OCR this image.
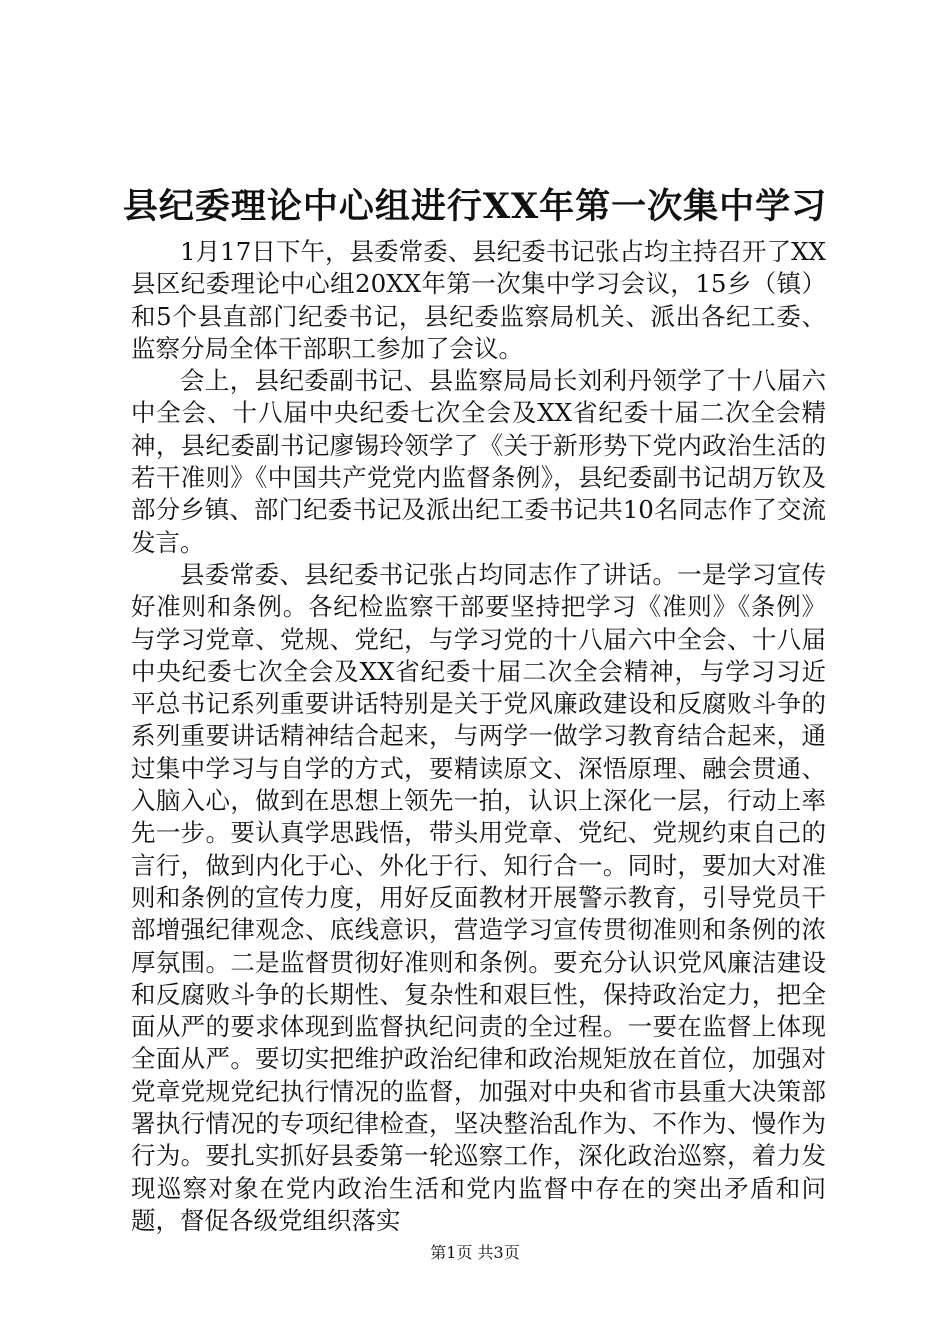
县纪委理论中心组进行XX年第一次集中学习

1月17日下午，县委常委、县纪委书记张占均主持召开了XX县区纪委理论中心组20XX年第一次集中学习会议，15乡（镇）和5个县直部门纪委书记，县纪委监察局机关、派出各纪工委、监察分局全体干部职工参加了会议。

会上，县纪委副书记、县监察局局长刘利丹领学了十八届六中全会、十八届中央纪委七次全会及XX省纪委十届二次全会精神，县纪委副书记廖锡玲领学了《关于新形势下党内政治生活的若干准则》《中国共产党党内监督条例》，县纪委副书记胡万钦及部分乡镇、部门纪委书记及派出纪工委书记共10名同志作了交流发言。

县委常委、县纪委书记张占均同志作了讲话。一是学习宣传好准则和条例。各纪检监察干部要坚持把学习《准则》《条例》与学习党章、党规、党纪，与学习党的十八届六中全会、十八届中央纪委七次全会及XX省纪委十届二次全会精神，与学习习近平总书记系列重要讲话特别是关于党风廉政建设和反腐败斗争的系列重要讲话精神结合起来，与两学一做学习教育结合起来，通过集中学习与自学的方式，要精读原文、深悟原理、融会贯通、入脑入心，做到在思想上领先一拍，认识上深化一层，行动上率先一步。要认真学思践悟，带头用党章、党纪、党规约束自己的言行，做到内化于心、外化于行、知行合一。同时，要加大对准则和条例的宣传力度，用好反面教材开展警示教育，引导党员干部增强纪律观念、底线意识，营造学习宣传贯彻准则和条例的浓厚氛围。二是监督贯彻好准则和条例。要充分认识党风廉洁建设和反腐败斗争的长期性、复杂性和艰巨性，保持政治定力，把全面从严的要求体现到监督执纪问责的全过程。一要在监督上体现全面从严。要切实把维护政治纪律和政治规矩放在首位，加强对党章党规党纪执行情况的监督，加强对中央和省市县重大决策部署执行情况的专项纪律检查，坚决整治乱作为、不作为、慢作为行为。要扎实抓好县委第一轮巡察工作，深化政治巡察，着力发现巡察对象在党内政治生活和党内监督中存在的突出矛盾和问题，督促各级党组织落实

第1页 共3页
